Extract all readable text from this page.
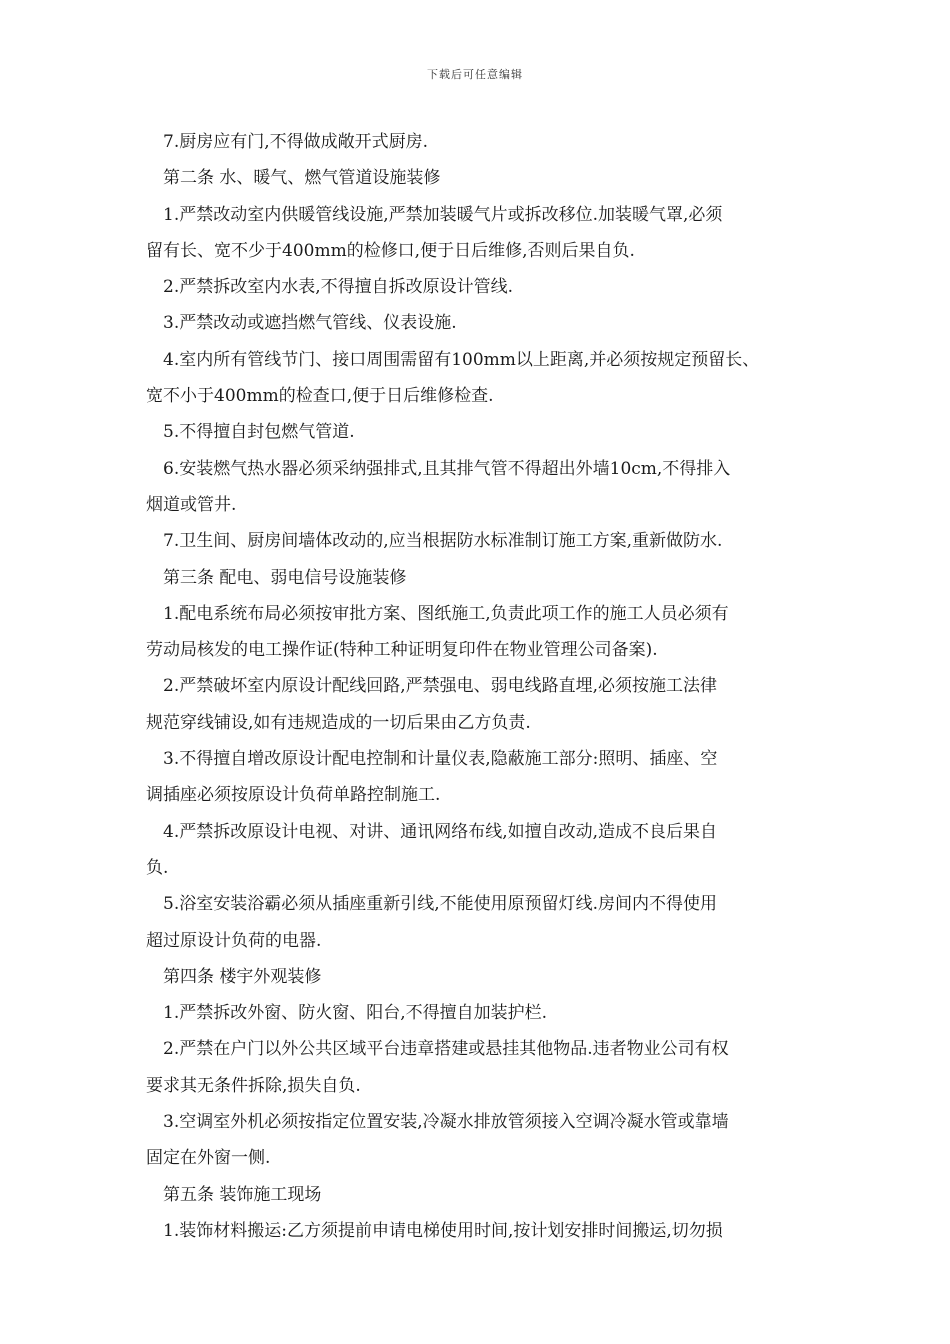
下载后可任意编辑
7.厨房应有门,不得做成敞开式厨房.
第二条 水、暖气、燃气管道设施装修
1.严禁改动室内供暖管线设施,严禁加装暖气片或拆改移位.加装暖气罩,必须
留有长、宽不少于400mm的检修口,便于日后维修,否则后果自负.
2.严禁拆改室内水表,不得擅自拆改原设计管线.
3.严禁改动或遮挡燃气管线、仪表设施.
4.室内所有管线节门、接口周围需留有100mm以上距离,并必须按规定预留长、
宽不小于400mm的检查口,便于日后维修检查.
5.不得擅自封包燃气管道.
6.安装燃气热水器必须采纳强排式,且其排气管不得超出外墙10cm,不得排入
烟道或管井.
7.卫生间、厨房间墙体改动的,应当根据防水标准制订施工方案,重新做防水.
第三条 配电、弱电信号设施装修
1.配电系统布局必须按审批方案、图纸施工,负责此项工作的施工人员必须有
劳动局核发的电工操作证(特种工种证明复印件在物业管理公司备案).
2.严禁破坏室内原设计配线回路,严禁强电、弱电线路直埋,必须按施工法律
规范穿线铺设,如有违规造成的一切后果由乙方负责.
3.不得擅自增改原设计配电控制和计量仪表,隐蔽施工部分:照明、插座、空
调插座必须按原设计负荷单路控制施工.
4.严禁拆改原设计电视、对讲、通讯网络布线,如擅自改动,造成不良后果自
负.
5.浴室安装浴霸必须从插座重新引线,不能使用原预留灯线.房间内不得使用
超过原设计负荷的电器.
第四条 楼宇外观装修
1.严禁拆改外窗、防火窗、阳台,不得擅自加装护栏.
2.严禁在户门以外公共区域平台违章搭建或悬挂其他物品.违者物业公司有权
要求其无条件拆除,损失自负.
3.空调室外机必须按指定位置安装,冷凝水排放管须接入空调冷凝水管或靠墙
固定在外窗一侧.
第五条 装饰施工现场
1.装饰材料搬运:乙方须提前申请电梯使用时间,按计划安排时间搬运,切勿损
